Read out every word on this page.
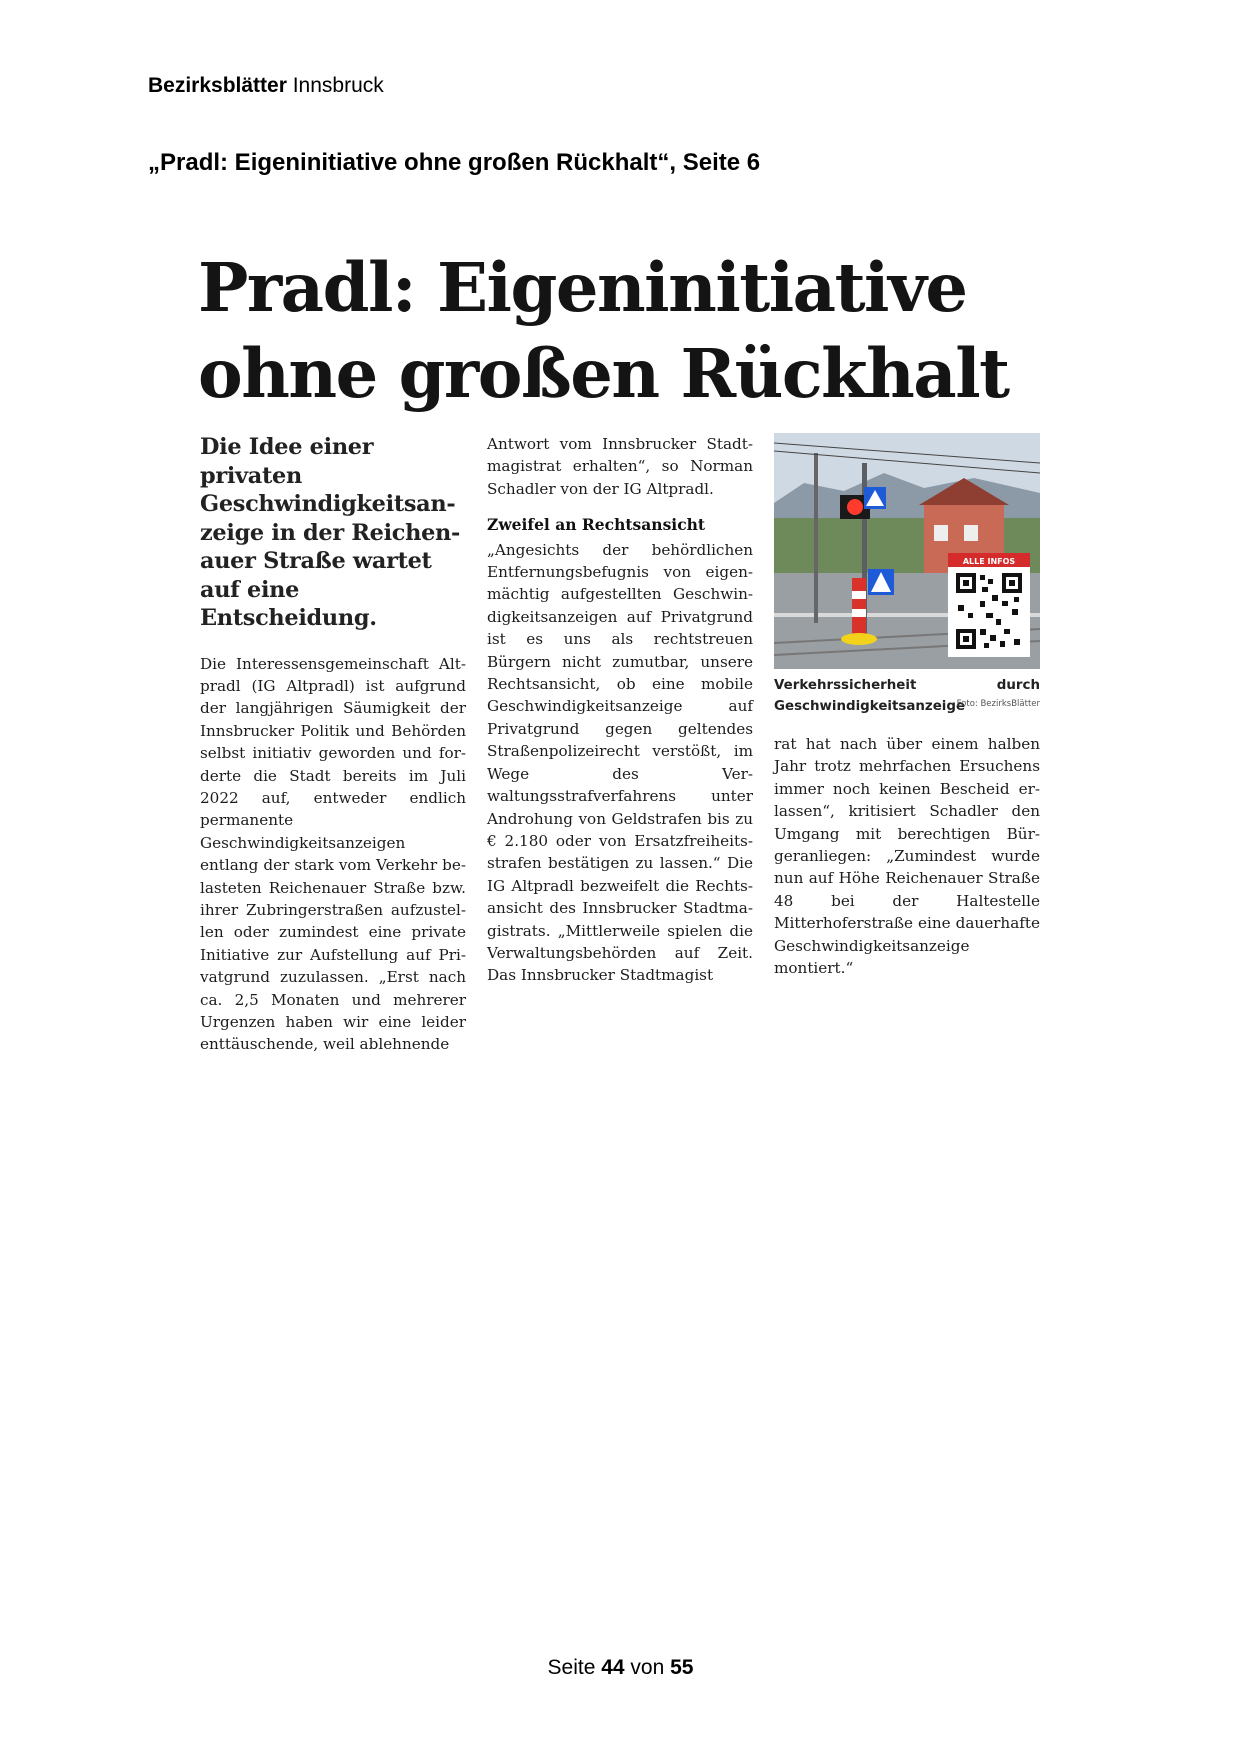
Bezirksblätter Innsbruck
„Pradl: Eigeninitiative ohne großen Rückhalt“, Seite 6
Pradl: Eigeninitiative
ohne großen Rückhalt

Die Idee einer privaten Geschwindigkeitsanzeige in der Reichenauer Straße wartet auf eine Entscheidung.

Die Interessensgemeinschaft Altpradl (IG Altpradl) ist aufgrund der langjährigen Säumigkeit der Innsbrucker Politik und Behörden selbst initiativ geworden und forderte die Stadt bereits im Juli 2022 auf, entweder endlich permanente Geschwindigkeitsanzeigen entlang der stark vom Verkehr belasteten Reichenauer Straße bzw. ihrer Zubringerstraßen aufzustellen oder zumindest eine private Initiative zur Aufstellung auf Privatgrund zuzulassen. „Erst nach ca. 2,5 Monaten und mehrerer Urgenzen haben wir eine leider enttäuschende, weil ablehnende

Antwort vom Innsbrucker Stadtmagistrat erhalten“, so Norman Schadler von der IG Altpradl.

Zweifel an Rechtsansicht

„Angesichts der behördlichen Entfernungsbefugnis von eigenmächtig aufgestellten Geschwindigkeitsanzeigen auf Privatgrund ist es uns als rechtstreuen Bürgern nicht zumutbar, unsere Rechtsansicht, ob eine mobile Geschwindigkeitsanzeige auf Privatgrund gegen geltendes Straßenpolizeirecht verstößt, im Wege des Verwaltungsstrafverfahrens unter Androhung von Geldstrafen bis zu € 2.180 oder von Ersatzfreiheitsstrafen bestätigen zu lassen.“ Die IG Altpradl bezweifelt die Rechtsansicht des Innsbrucker Stadtmagistrats. „Mittlerweile spielen die Verwaltungsbehörden auf Zeit. Das Innsbrucker Stadtmagist

ALLE INFOS
Verkehrssicherheit durch Geschwindigkeitsanzeige
Foto: BezirksBlätter

rat hat nach über einem halben Jahr trotz mehrfachen Ersuchens immer noch keinen Bescheid erlassen“, kritisiert Schadler den Umgang mit berechtigen Bürgeranliegen: „Zumindest wurde nun auf Höhe Reichenauer Straße 48 bei der Haltestelle Mitterhoferstraße eine dauerhafte Geschwindigkeitsanzeige montiert.“

Seite 44 von 55
